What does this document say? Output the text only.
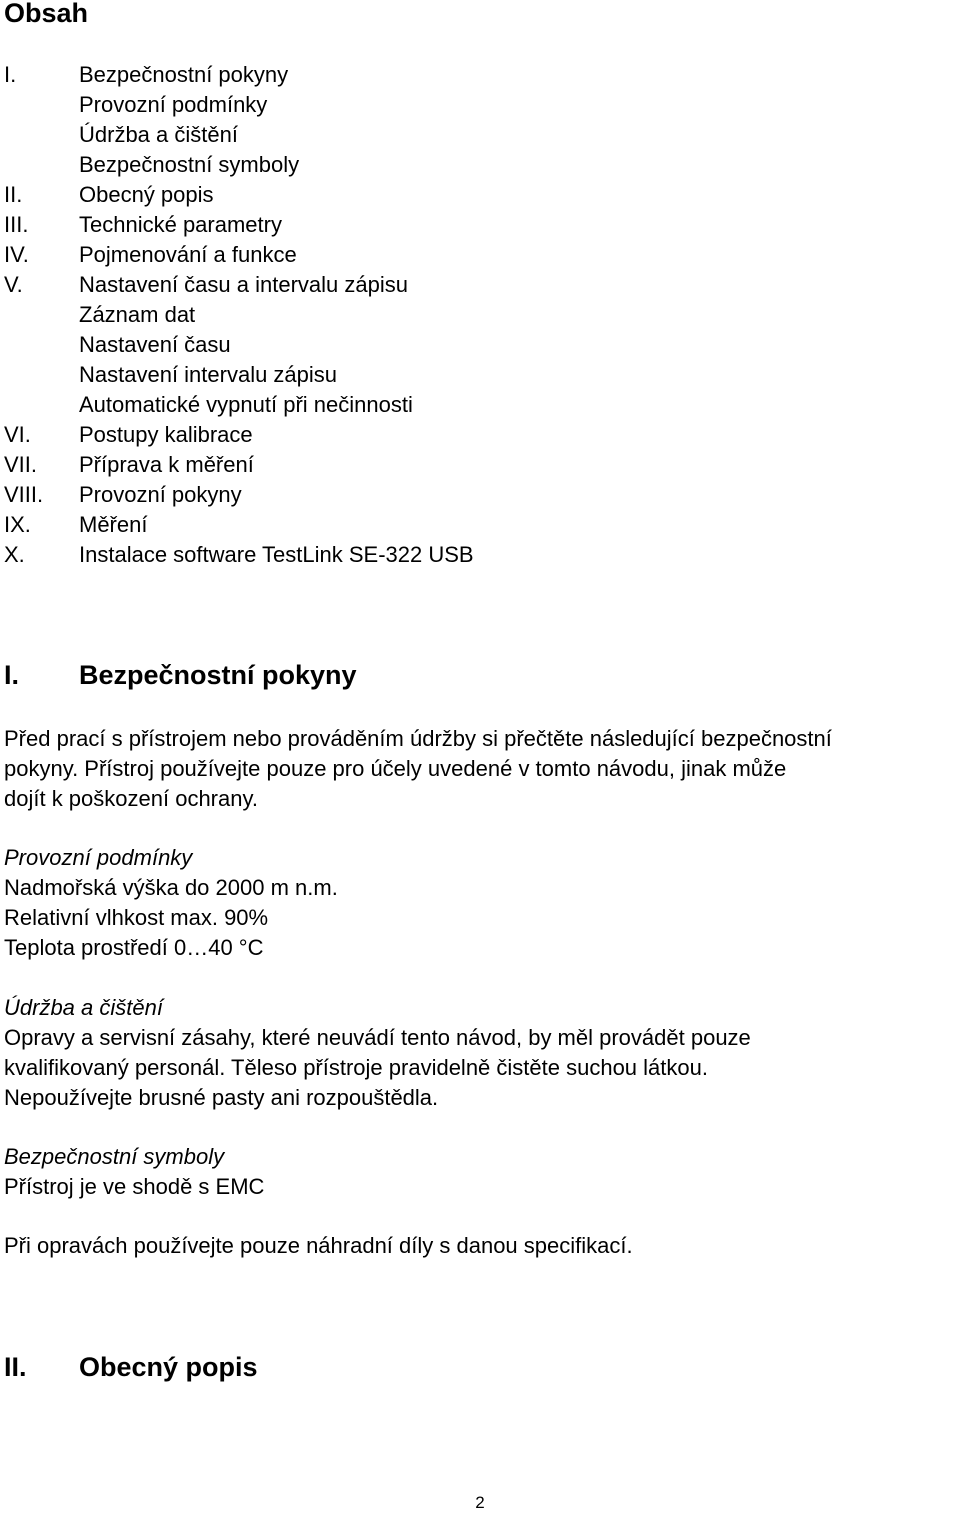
Obsah
I.	Bezpečnostní pokyny
Provozní podmínky
Údržba a čištění
Bezpečnostní symboly
II.	Obecný popis
III. Technické parametry
IV. Pojmenování a funkce
V.	Nastavení času a intervalu zápisu
Záznam dat
Nastavení času
Nastavení intervalu zápisu
Automatické vypnutí při nečinnosti
VI. Postupy kalibrace
VII. Příprava k měření
VIII. Provozní pokyny
IX. Měření
X. Instalace software TestLink SE-322 USB
I. Bezpečnostní pokyny
Před prací s přístrojem nebo prováděním údržby si přečtěte následující bezpečnostní
pokyny. Přístroj používejte pouze pro účely uvedené v tomto návodu, jinak může
dojít k poškození ochrany.
Provozní podmínky
Nadmořská výška do 2000 m n.m.
Relativní vlhkost max. 90%
Teplota prostředí 0…40 °C
Údržba a čištění
Opravy a servisní zásahy, které neuvádí tento návod, by měl provádět pouze
kvalifikovaný personál. Těleso přístroje pravidelně čistěte suchou látkou.
Nepoužívejte brusné pasty ani rozpouštědla.
Bezpečnostní symboly
Přístroj je ve shodě s EMC
Při opravách používejte pouze náhradní díly s danou specifikací.
II. Obecný popis
2
